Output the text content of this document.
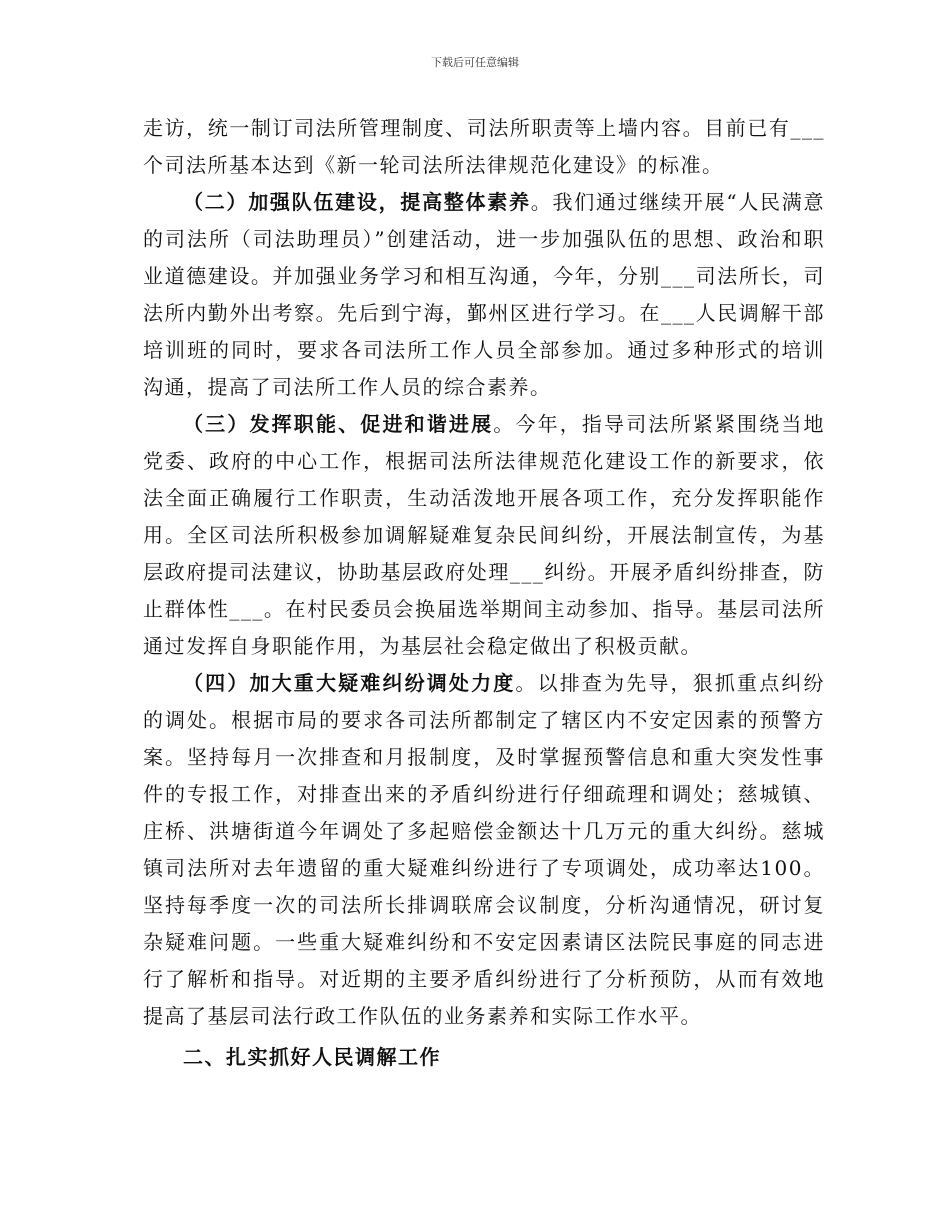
下载后可任意编辑

走访，统一制订司法所管理制度、司法所职责等上墙内容。目前已有___个司法所基本达到《新一轮司法所法律规范化建设》的标准。

（二）加强队伍建设，提高整体素养。我们通过继续开展“人民满意的司法所（司法助理员）”创建活动，进一步加强队伍的思想、政治和职业道德建设。并加强业务学习和相互沟通，今年，分别___司法所长，司法所内勤外出考察。先后到宁海，鄞州区进行学习。在___人民调解干部培训班的同时，要求各司法所工作人员全部参加。通过多种形式的培训沟通，提高了司法所工作人员的综合素养。

（三）发挥职能、促进和谐进展。今年，指导司法所紧紧围绕当地党委、政府的中心工作，根据司法所法律规范化建设工作的新要求，依法全面正确履行工作职责，生动活泼地开展各项工作，充分发挥职能作用。全区司法所积极参加调解疑难复杂民间纠纷，开展法制宣传，为基层政府提司法建议，协助基层政府处理___纠纷。开展矛盾纠纷排查，防止群体性___。在村民委员会换届选举期间主动参加、指导。基层司法所通过发挥自身职能作用，为基层社会稳定做出了积极贡献。

（四）加大重大疑难纠纷调处力度。以排查为先导，狠抓重点纠纷的调处。根据市局的要求各司法所都制定了辖区内不安定因素的预警方案。坚持每月一次排查和月报制度，及时掌握预警信息和重大突发性事件的专报工作，对排查出来的矛盾纠纷进行仔细疏理和调处；慈城镇、庄桥、洪塘街道今年调处了多起赔偿金额达十几万元的重大纠纷。慈城镇司法所对去年遗留的重大疑难纠纷进行了专项调处，成功率达100。坚持每季度一次的司法所长排调联席会议制度，分析沟通情况，研讨复杂疑难问题。一些重大疑难纠纷和不安定因素请区法院民事庭的同志进行了解析和指导。对近期的主要矛盾纠纷进行了分析预防，从而有效地提高了基层司法行政工作队伍的业务素养和实际工作水平。

二、扎实抓好人民调解工作
